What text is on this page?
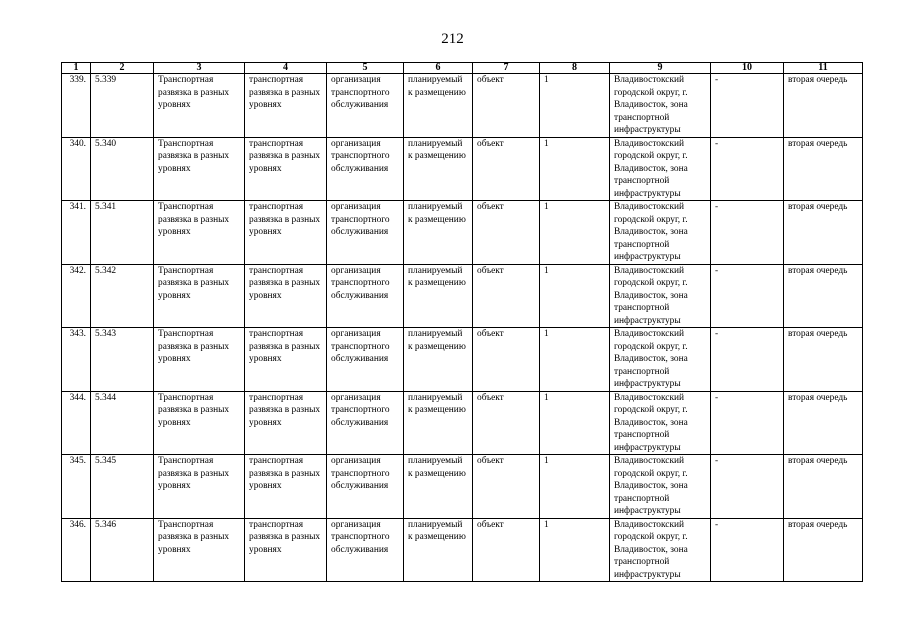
212
1	2	3	4	5	6	7	8	9	10	11
339.	5.339	Транспортная развязка в разных уровнях	транспортная развязка в разных уровнях	организация транспортного обслуживания	планируемый к размещению	объект	1	Владивостокский городской округ, г. Владивосток, зона транспортной инфраструктуры	-	вторая очередь
340.	5.340	Транспортная развязка в разных уровнях	транспортная развязка в разных уровнях	организация транспортного обслуживания	планируемый к размещению	объект	1	Владивостокский городской округ, г. Владивосток, зона транспортной инфраструктуры	-	вторая очередь
341.	5.341	Транспортная развязка в разных уровнях	транспортная развязка в разных уровнях	организация транспортного обслуживания	планируемый к размещению	объект	1	Владивостокский городской округ, г. Владивосток, зона транспортной инфраструктуры	-	вторая очередь
342.	5.342	Транспортная развязка в разных уровнях	транспортная развязка в разных уровнях	организация транспортного обслуживания	планируемый к размещению	объект	1	Владивостокский городской округ, г. Владивосток, зона транспортной инфраструктуры	-	вторая очередь
343.	5.343	Транспортная развязка в разных уровнях	транспортная развязка в разных уровнях	организация транспортного обслуживания	планируемый к размещению	объект	1	Владивостокский городской округ, г. Владивосток, зона транспортной инфраструктуры	-	вторая очередь
344.	5.344	Транспортная развязка в разных уровнях	транспортная развязка в разных уровнях	организация транспортного обслуживания	планируемый к размещению	объект	1	Владивостокский городской округ, г. Владивосток, зона транспортной инфраструктуры	-	вторая очередь
345.	5.345	Транспортная развязка в разных уровнях	транспортная развязка в разных уровнях	организация транспортного обслуживания	планируемый к размещению	объект	1	Владивостокский городской округ, г. Владивосток, зона транспортной инфраструктуры	-	вторая очередь
346.	5.346	Транспортная развязка в разных уровнях	транспортная развязка в разных уровнях	организация транспортного обслуживания	планируемый к размещению	объект	1	Владивостокский городской округ, г. Владивосток, зона транспортной инфраструктуры	-	вторая очередь
